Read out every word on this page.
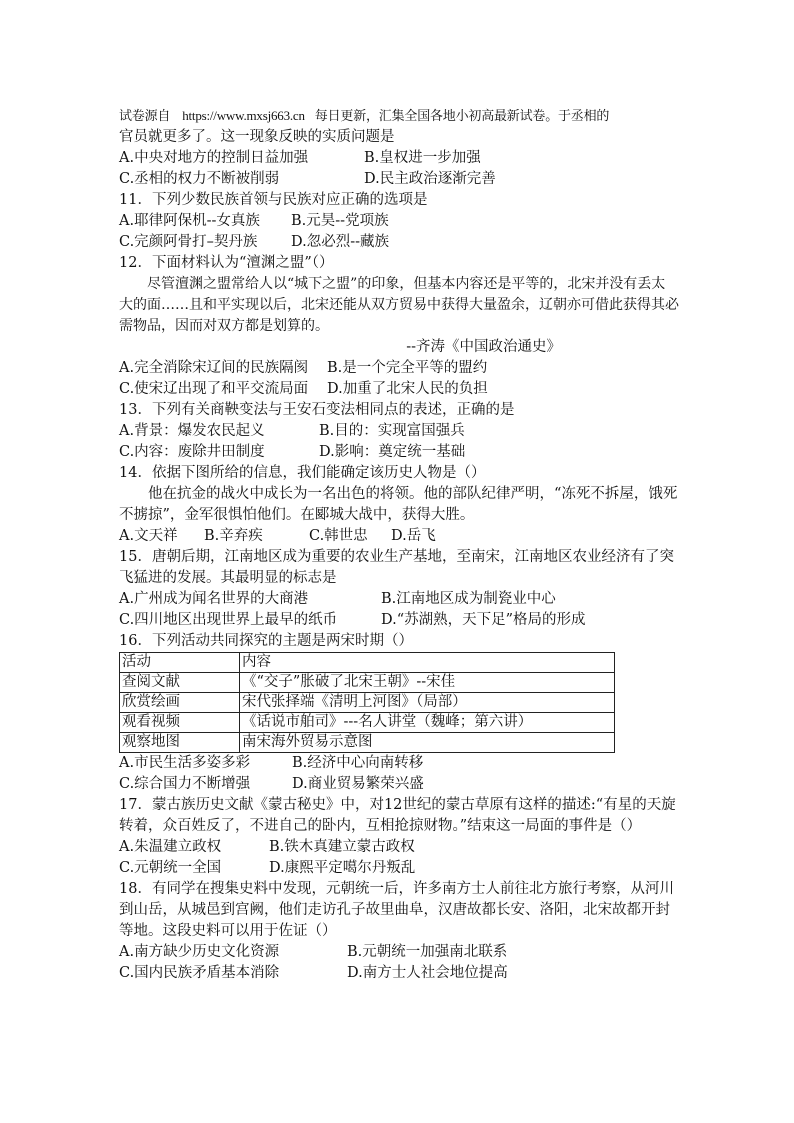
试卷源自 https://www.mxsj663.cn 每日更新，汇集全国各地小初高最新试卷。于丞相的
官员就更多了。这一现象反映的实质问题是
A.中央对地方的控制日益加强	B.皇权进一步加强
C.丞相的权力不断被削弱	D.民主政治逐渐完善
11．下列少数民族首领与民族对应正确的选项是
A.耶律阿保机--女真族	B.元昊--党项族
C.完颜阿骨打–契丹族	D.忽必烈--藏族
12．下面材料认为“澶渊之盟”（）
尽管澶渊之盟常给人以“城下之盟”的印象，但基本内容还是平等的，北宋并没有丢太大的面……且和平实现以后，北宋还能从双方贸易中获得大量盈余，辽朝亦可借此获得其必需物品，因而对双方都是划算的。
--齐涛《中国政治通史》
A.完全消除宋辽间的民族隔阂	B.是一个完全平等的盟约
C.使宋辽出现了和平交流局面	D.加重了北宋人民的负担
13．下列有关商鞅变法与王安石变法相同点的表述，正确的是
A.背景：爆发农民起义	B.目的：实现富国强兵
C.内容：废除井田制度	D.影响：奠定统一基础
14．依据下图所给的信息，我们能确定该历史人物是（）
他在抗金的战火中成长为一名出色的将领。他的部队纪律严明，“冻死不拆屋，饿死不掳掠”，金军很惧怕他们。在郾城大战中，获得大胜。
A.文天祥	B.辛弃疾	C.韩世忠	D.岳飞
15．唐朝后期，江南地区成为重要的农业生产基地，至南宋，江南地区农业经济有了突飞猛进的发展。其最明显的标志是
A.广州成为闻名世界的大商港	B.江南地区成为制瓷业中心
C.四川地区出现世界上最早的纸币	D.“苏湖熟，天下足”格局的形成
16．下列活动共同探究的主题是两宋时期（）
活动	内容
查阅文献	《“交子”胀破了北宋王朝》--宋佳
欣赏绘画	宋代张择端《清明上河图》（局部）
观看视频	《话说市舶司》---名人讲堂（魏峰；第六讲）
观察地图	南宋海外贸易示意图
A.市民生活多姿多彩	B.经济中心向南转移
C.综合国力不断增强	D.商业贸易繁荣兴盛
17．蒙古族历史文献《蒙古秘史》中，对12世纪的蒙古草原有这样的描述:“有星的天旋转着，众百姓反了，不进自己的卧内，互相抢掠财物。”结束这一局面的事件是（）
A.朱温建立政权	B.铁木真建立蒙古政权
C.元朝统一全国	D.康熙平定噶尔丹叛乱
18．有同学在搜集史料中发现，元朝统一后，许多南方士人前往北方旅行考察，从河川到山岳，从城邑到宫阙，他们走访孔子故里曲阜，汉唐故都长安、洛阳，北宋故都开封等地。这段史料可以用于佐证（）
A.南方缺少历史文化资源	B.元朝统一加强南北联系
C.国内民族矛盾基本消除	D.南方士人社会地位提高
